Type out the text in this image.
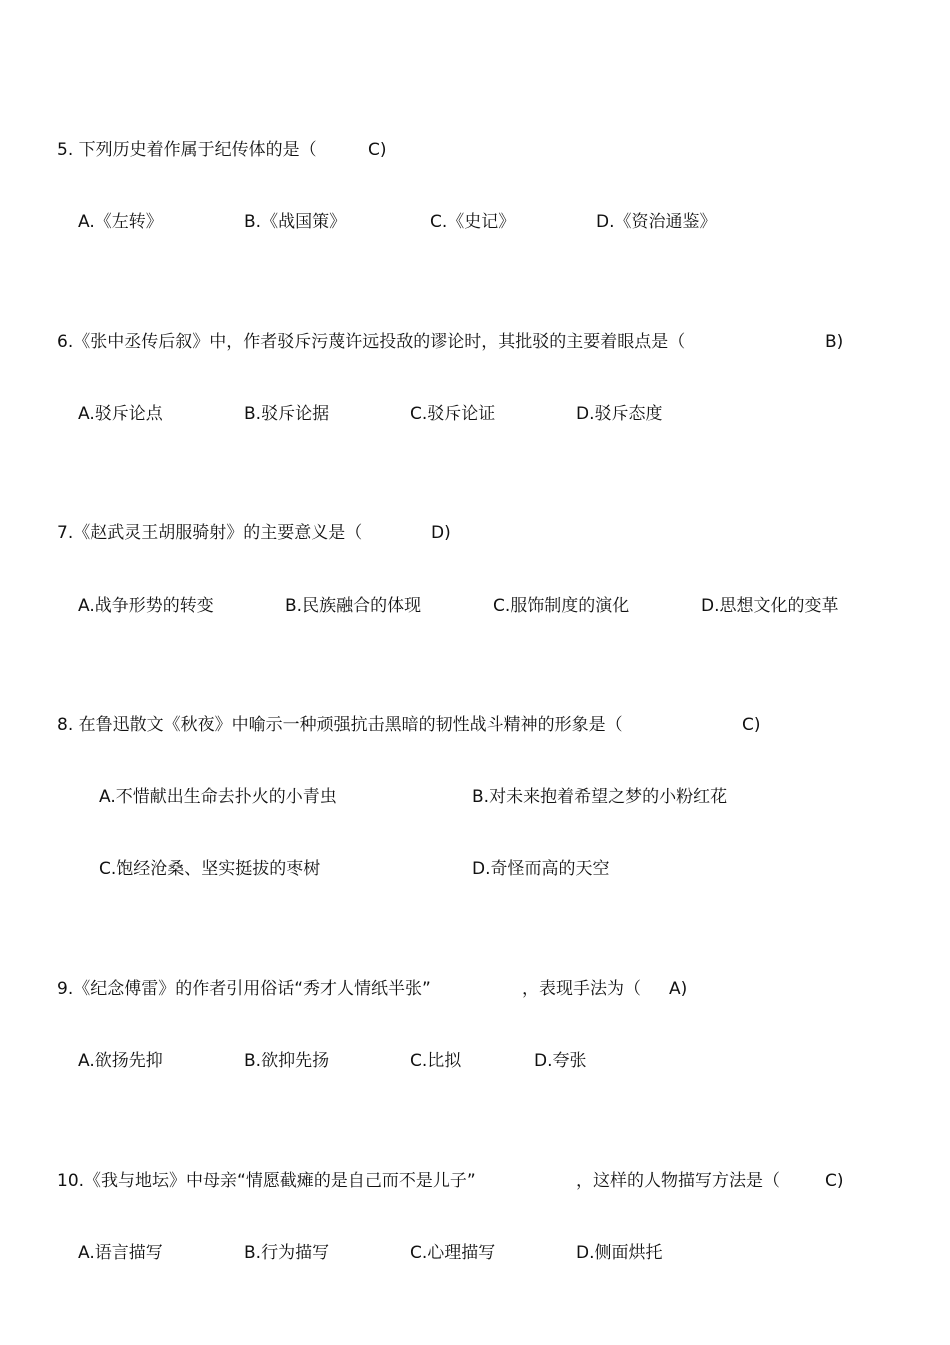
5. 下列历史着作属于纪传体的是（	C)
A.《左转》	B.《战国策》	C.《史记》	D.《资治通鉴》
6.《张中丞传后叙》中，作者驳斥污蔑许远投敌的谬论时，其批驳的主要着眼点是（	B)
A.驳斥论点	B.驳斥论据	C.驳斥论证	D.驳斥态度
7.《赵武灵王胡服骑射》的主要意义是（	D)
A.战争形势的转变	B.民族融合的体现	C.服饰制度的演化	D.思想文化的变革
8. 在鲁迅散文《秋夜》中喻示一种顽强抗击黑暗的韧性战斗精神的形象是（	C)
A.不惜献出生命去扑火的小青虫	B.对未来抱着希望之梦的小粉红花
C.饱经沧桑、坚实挺拔的枣树	D.奇怪而高的天空
9.《纪念傅雷》的作者引用俗话“秀才人情纸半张”	，表现手法为（ A)
A.欲扬先抑	B.欲抑先扬	C.比拟	D.夸张
10.《我与地坛》中母亲“情愿截瘫的是自己而不是儿子”	，这样的人物描写方法是（	C)
A.语言描写	B.行为描写	C.心理描写	D.侧面烘托
